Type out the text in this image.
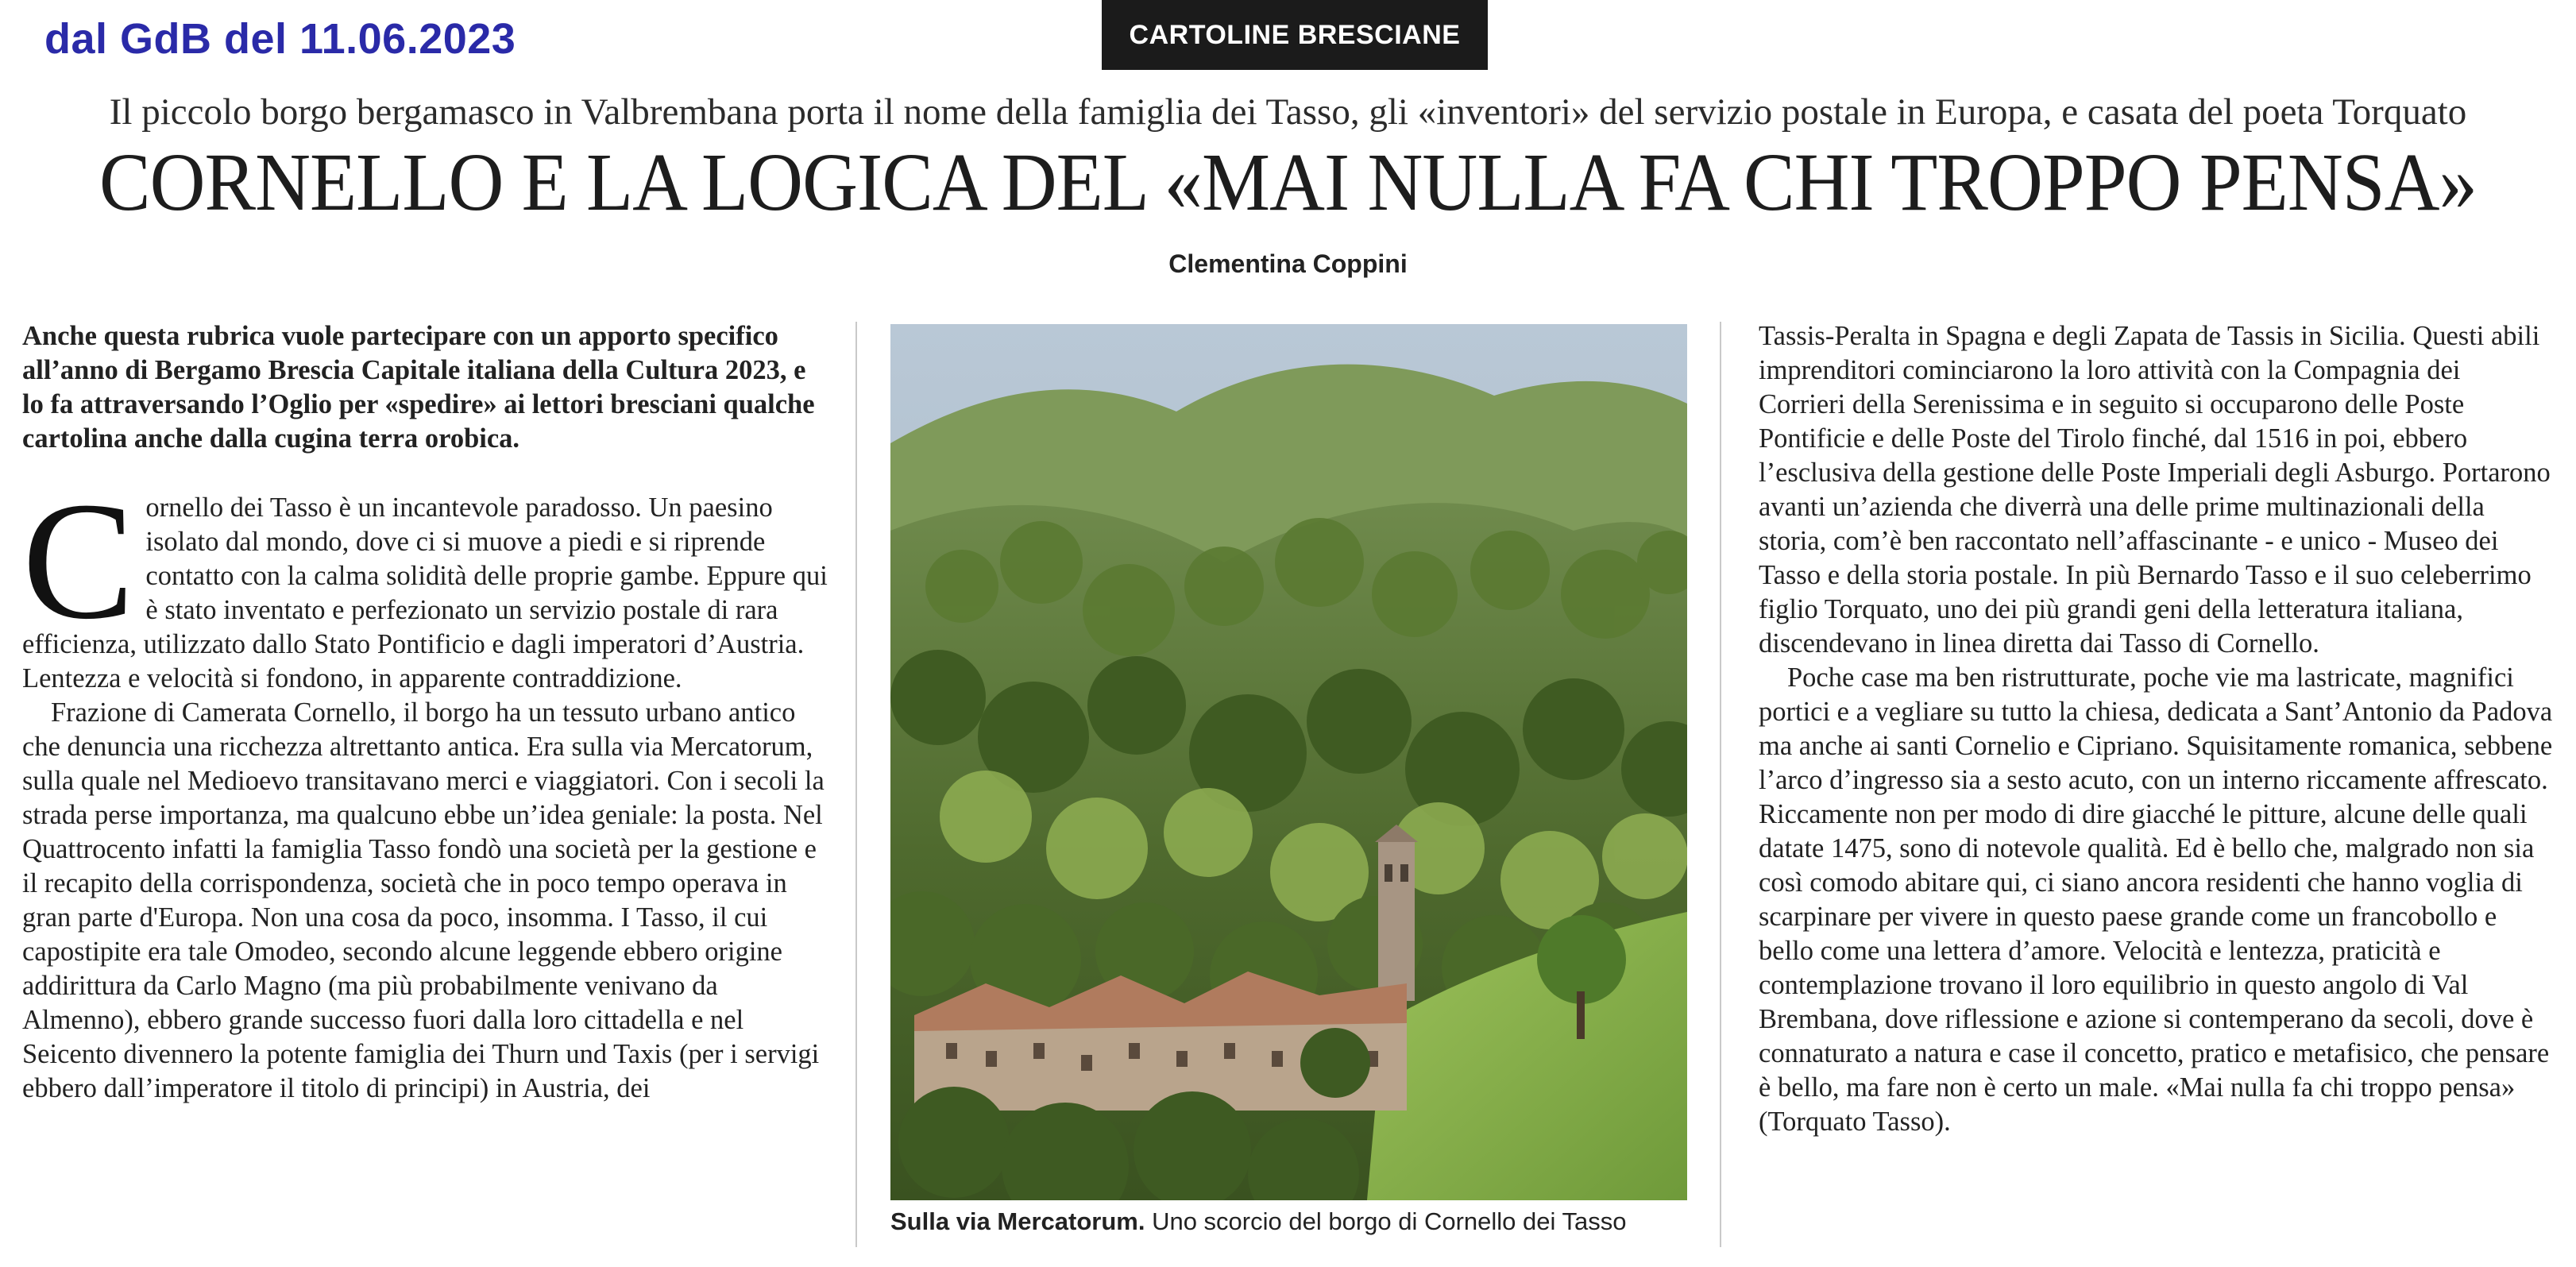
dal GdB del 11.06.2023	CARTOLINE BRESCIANE
Il piccolo borgo bergamasco in Valbrembana porta il nome della famiglia dei Tasso, gli «inventori» del servizio postale in Europa, e casata del poeta Torquato
CORNELLO E LA LOGICA DEL «MAI NULLA FA CHI TROPPO PENSA»
Clementina Coppini

Anche questa rubrica vuole partecipare con un apporto specifico all’anno di Bergamo Brescia Capitale italiana della Cultura 2023, e lo fa attraversando l’Oglio per «spedire» ai lettori bresciani qualche cartolina anche dalla cugina terra orobica.

Cornello dei Tasso è un incantevole paradosso. Un paesino isolato dal mondo, dove ci si muove a piedi e si riprende contatto con la calma solidità delle proprie gambe. Eppure qui è stato inventato e perfezionato un servizio postale di rara efficienza, utilizzato dallo Stato Pontificio e dagli imperatori d’Austria. Lentezza e velocità si fondono, in apparente contraddizione.

Frazione di Camerata Cornello, il borgo ha un tessuto urbano antico che denuncia una ricchezza altrettanto antica. Era sulla via Mercatorum, sulla quale nel Medioevo transitavano merci e viaggiatori. Con i secoli la strada perse importanza, ma qualcuno ebbe un’idea geniale: la posta. Nel Quattrocento infatti la famiglia Tasso fondò una società per la gestione e il recapito della corrispondenza, società che in poco tempo operava in gran parte d'Europa. Non una cosa da poco, insomma. I Tasso, il cui capostipite era tale Omodeo, secondo alcune leggende ebbero origine addirittura da Carlo Magno (ma più probabilmente venivano da Almenno), ebbero grande successo fuori dalla loro cittadella e nel Seicento divennero la potente famiglia dei Thurn und Taxis (per i servigi ebbero dall’imperatore il titolo di principi) in Austria, dei

Sulla via Mercatorum. Uno scorcio del borgo di Cornello dei Tasso

Tassis-Peralta in Spagna e degli Zapata de Tassis in Sicilia. Questi abili imprenditori cominciarono la loro attività con la Compagnia dei Corrieri della Serenissima e in seguito si occuparono delle Poste Pontificie e delle Poste del Tirolo finché, dal 1516 in poi, ebbero l’esclusiva della gestione delle Poste Imperiali degli Asburgo. Portarono avanti un’azienda che diverrà una delle prime multinazionali della storia, com’è ben raccontato nell’affascinante - e unico - Museo dei Tasso e della storia postale. In più Bernardo Tasso e il suo celeberrimo figlio Torquato, uno dei più grandi geni della letteratura italiana, discendevano in linea diretta dai Tasso di Cornello.

Poche case ma ben ristrutturate, poche vie ma lastricate, magnifici portici e a vegliare su tutto la chiesa, dedicata a Sant’Antonio da Padova ma anche ai santi Cornelio e Cipriano. Squisitamente romanica, sebbene l’arco d’ingresso sia a sesto acuto, con un interno riccamente affrescato. Riccamente non per modo di dire giacché le pitture, alcune delle quali datate 1475, sono di notevole qualità. Ed è bello che, malgrado non sia così comodo abitare qui, ci siano ancora residenti che hanno voglia di scarpinare per vivere in questo paese grande come un francobollo e bello come una lettera d’amore. Velocità e lentezza, praticità e contemplazione trovano il loro equilibrio in questo angolo di Val Brembana, dove riflessione e azione si contemperano da secoli, dove è connaturato a natura e case il concetto, pratico e metafisico, che pensare è bello, ma fare non è certo un male. «Mai nulla fa chi troppo pensa» (Torquato Tasso).
